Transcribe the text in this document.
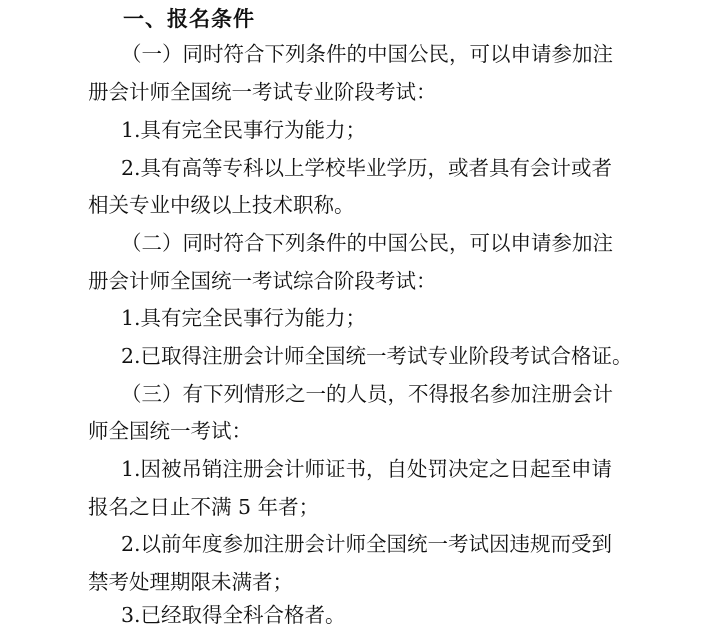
一、报名条件

（一）同时符合下列条件的中国公民，可以申请参加注

册会计师全国统一考试专业阶段考试：

1.具有完全民事行为能力；

2.具有高等专科以上学校毕业学历，或者具有会计或者

相关专业中级以上技术职称。

（二）同时符合下列条件的中国公民，可以申请参加注

册会计师全国统一考试综合阶段考试：

1.具有完全民事行为能力；

2.已取得注册会计师全国统一考试专业阶段考试合格证。

（三）有下列情形之一的人员，不得报名参加注册会计

师全国统一考试：

1.因被吊销注册会计师证书，自处罚决定之日起至申请

报名之日止不满 5 年者；

2.以前年度参加注册会计师全国统一考试因违规而受到

禁考处理期限未满者；

3.已经取得全科合格者。
